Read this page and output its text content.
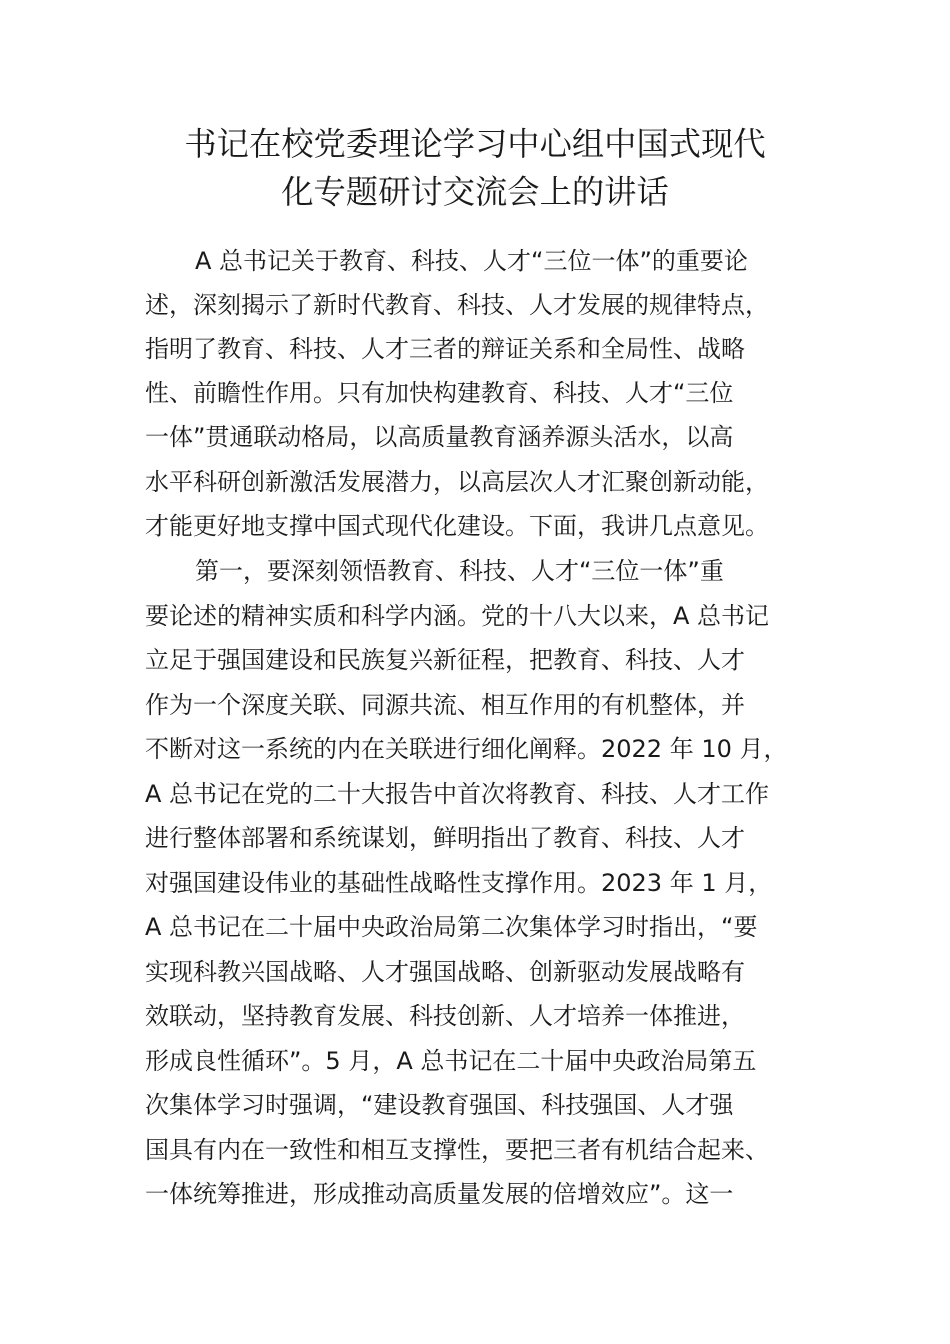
书记在校党委理论学习中心组中国式现代
化专题研讨交流会上的讲话

A 总书记关于教育、科技、人才“三位一体”的重要论

述，深刻揭示了新时代教育、科技、人才发展的规律特点，

指明了教育、科技、人才三者的辩证关系和全局性、战略

性、前瞻性作用。只有加快构建教育、科技、人才“三位

一体”贯通联动格局，以高质量教育涵养源头活水，以高

水平科研创新激活发展潜力，以高层次人才汇聚创新动能，

才能更好地支撑中国式现代化建设。下面，我讲几点意见。

第一，要深刻领悟教育、科技、人才“三位一体”重

要论述的精神实质和科学内涵。党的十八大以来，A 总书记

立足于强国建设和民族复兴新征程，把教育、科技、人才

作为一个深度关联、同源共流、相互作用的有机整体，并

不断对这一系统的内在关联进行细化阐释。2022 年 10 月，

A 总书记在党的二十大报告中首次将教育、科技、人才工作

进行整体部署和系统谋划，鲜明指出了教育、科技、人才

对强国建设伟业的基础性战略性支撑作用。2023 年 1 月，

A 总书记在二十届中央政治局第二次集体学习时指出，“要

实现科教兴国战略、人才强国战略、创新驱动发展战略有

效联动，坚持教育发展、科技创新、人才培养一体推进，

形成良性循环”。5 月，A 总书记在二十届中央政治局第五

次集体学习时强调，“建设教育强国、科技强国、人才强

国具有内在一致性和相互支撑性，要把三者有机结合起来、

一体统筹推进，形成推动高质量发展的倍增效应”。这一
